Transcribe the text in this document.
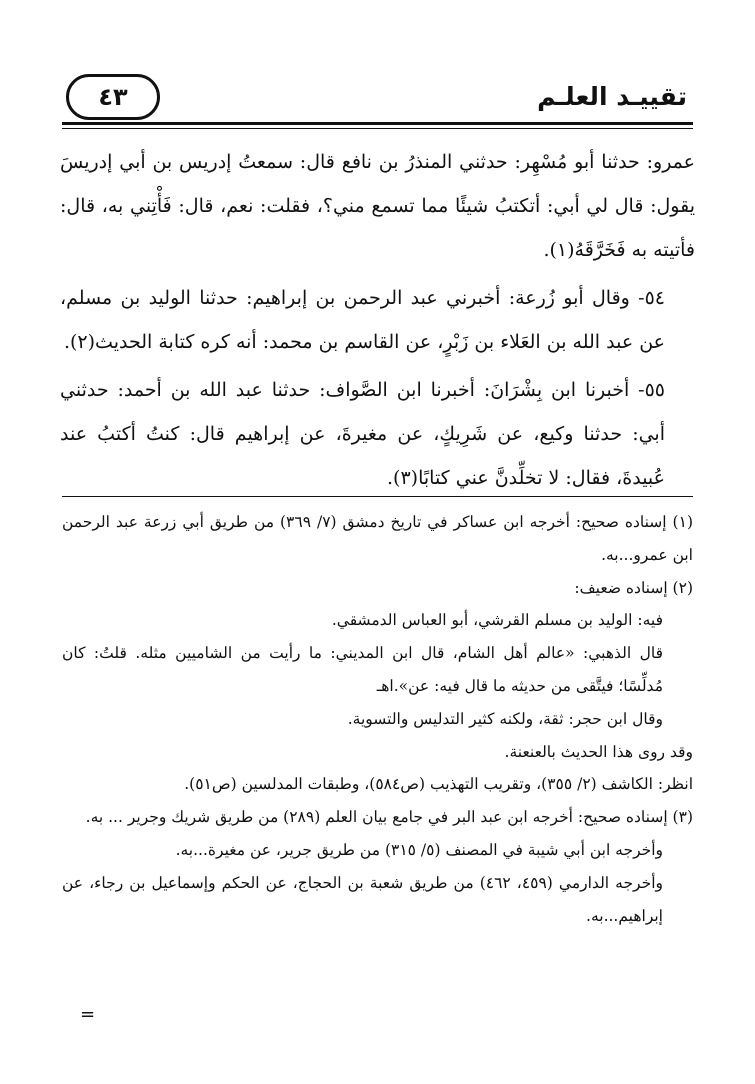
تقييـد العلـم
٤٣

عمرو: حدثنا أبو مُسْهِر: حدثني المنذرُ بن نافع قال: سمعتُ إدريس بن أبي إدريسَ يقول: قال لي أبي: أتكتبُ شيئًا مما تسمع مني؟، فقلت: نعم، قال: فَأْتِني به، قال: فأتيته به فَخَرَّقَهُ(١).

٥٤- وقال أبو زُرعة: أخبرني عبد الرحمن بن إبراهيم: حدثنا الوليد بن مسلم، عن عبد الله بن العَلاء بن زَبْرٍ، عن القاسم بن محمد: أنه كره كتابة الحديث(٢).

٥٥- أخبرنا ابن بِشْرَانَ: أخبرنا ابن الصَّواف: حدثنا عبد الله بن أحمد: حدثني أبي: حدثنا وكيع، عن شَرِيكٍ، عن مغيرةَ، عن إبراهيم قال: كنتُ أكتبُ عند عُبيدةَ، فقال: لا تخلِّدنَّ عني كتابًا(٣).

(١) إسناده صحيح: أخرجه ابن عساكر في تاريخ دمشق (٧/ ٣٦٩) من طريق أبي زرعة عبد الرحمن ابن عمرو...به.

(٢) إسناده ضعيف:

فيه: الوليد بن مسلم القرشي، أبو العباس الدمشقي.

قال الذهبي: «عالم أهل الشام، قال ابن المديني: ما رأيت من الشاميين مثله. قلتُ: كان مُدلِّسًا؛ فيتَّقى من حديثه ما قال فيه: عن».اهـ

وقال ابن حجر: ثقة، ولكنه كثير التدليس والتسوية.

وقد روى هذا الحديث بالعنعنة.

انظر: الكاشف (٢/ ٣٥٥)، وتقريب التهذيب (ص٥٨٤)، وطبقات المدلسين (ص٥١).

(٣) إسناده صحيح: أخرجه ابن عبد البر في جامع بيان العلم (٢٨٩) من طريق شريك وجرير ... به.

وأخرجه ابن أبي شيبة في المصنف (٥/ ٣١٥) من طريق جرير، عن مغيرة...به.

وأخرجه الدارمي (٤٥٩، ٤٦٢) من طريق شعبة بن الحجاج، عن الحكم وإسماعيل بن رجاء، عن إبراهيم...به.

=
